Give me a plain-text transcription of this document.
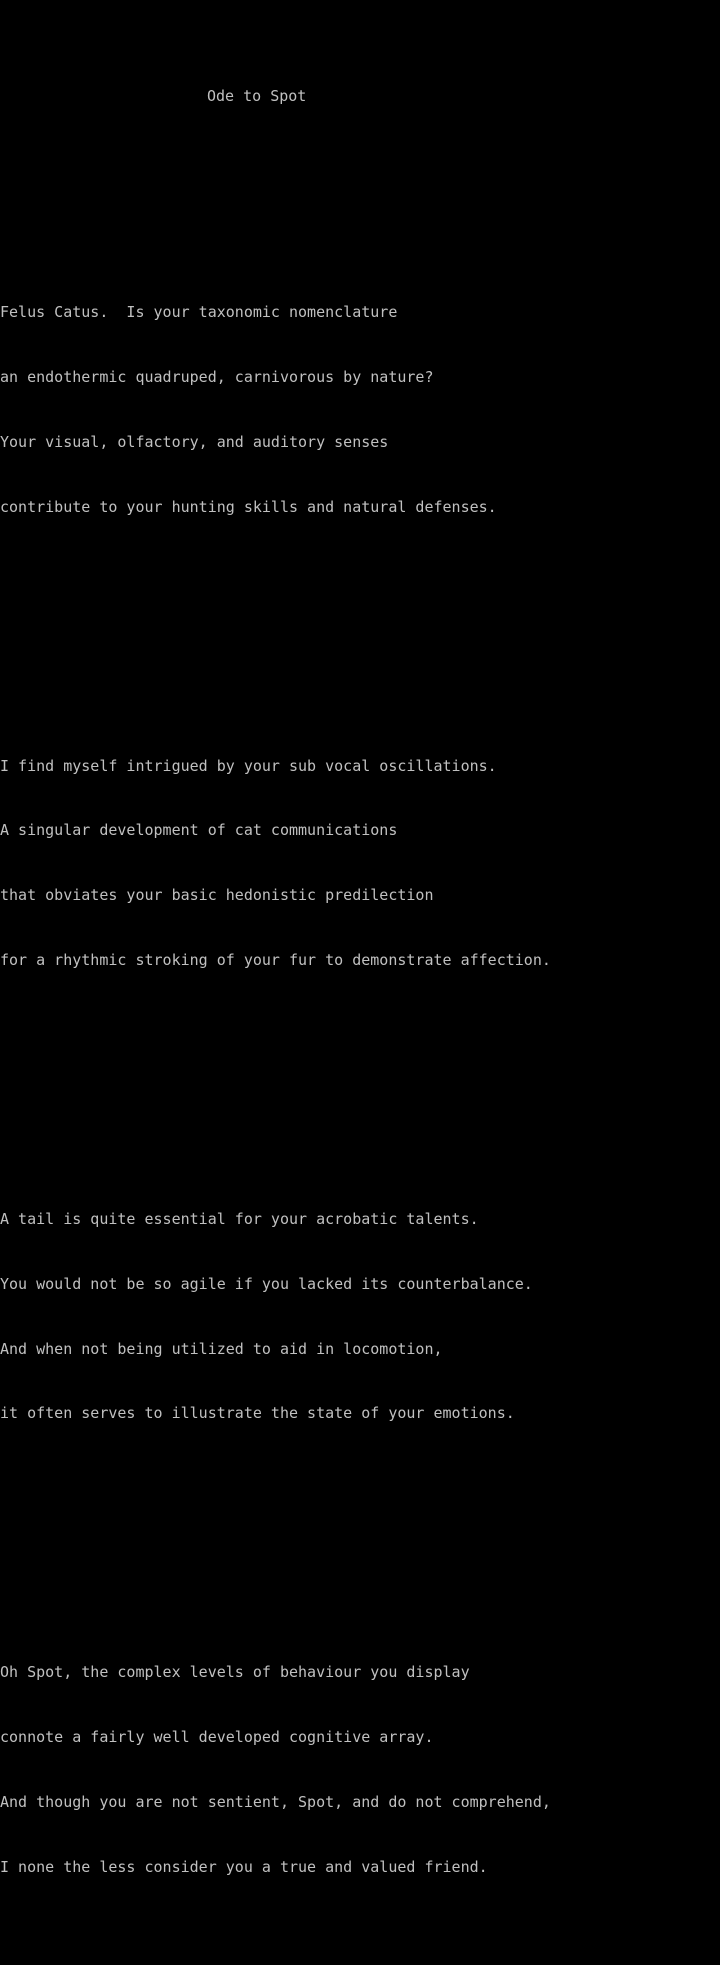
Ode to Spot

Felus Catus.  Is your taxonomic nomenclature

an endothermic quadruped, carnivorous by nature?

Your visual, olfactory, and auditory senses

contribute to your hunting skills and natural defenses.

I find myself intrigued by your sub vocal oscillations.

A singular development of cat communications

that obviates your basic hedonistic predilection

for a rhythmic stroking of your fur to demonstrate affection.

A tail is quite essential for your acrobatic talents.

You would not be so agile if you lacked its counterbalance.

And when not being utilized to aid in locomotion,

it often serves to illustrate the state of your emotions.

Oh Spot, the complex levels of behaviour you display

connote a fairly well developed cognitive array.

And though you are not sentient, Spot, and do not comprehend,

I none the less consider you a true and valued friend.
